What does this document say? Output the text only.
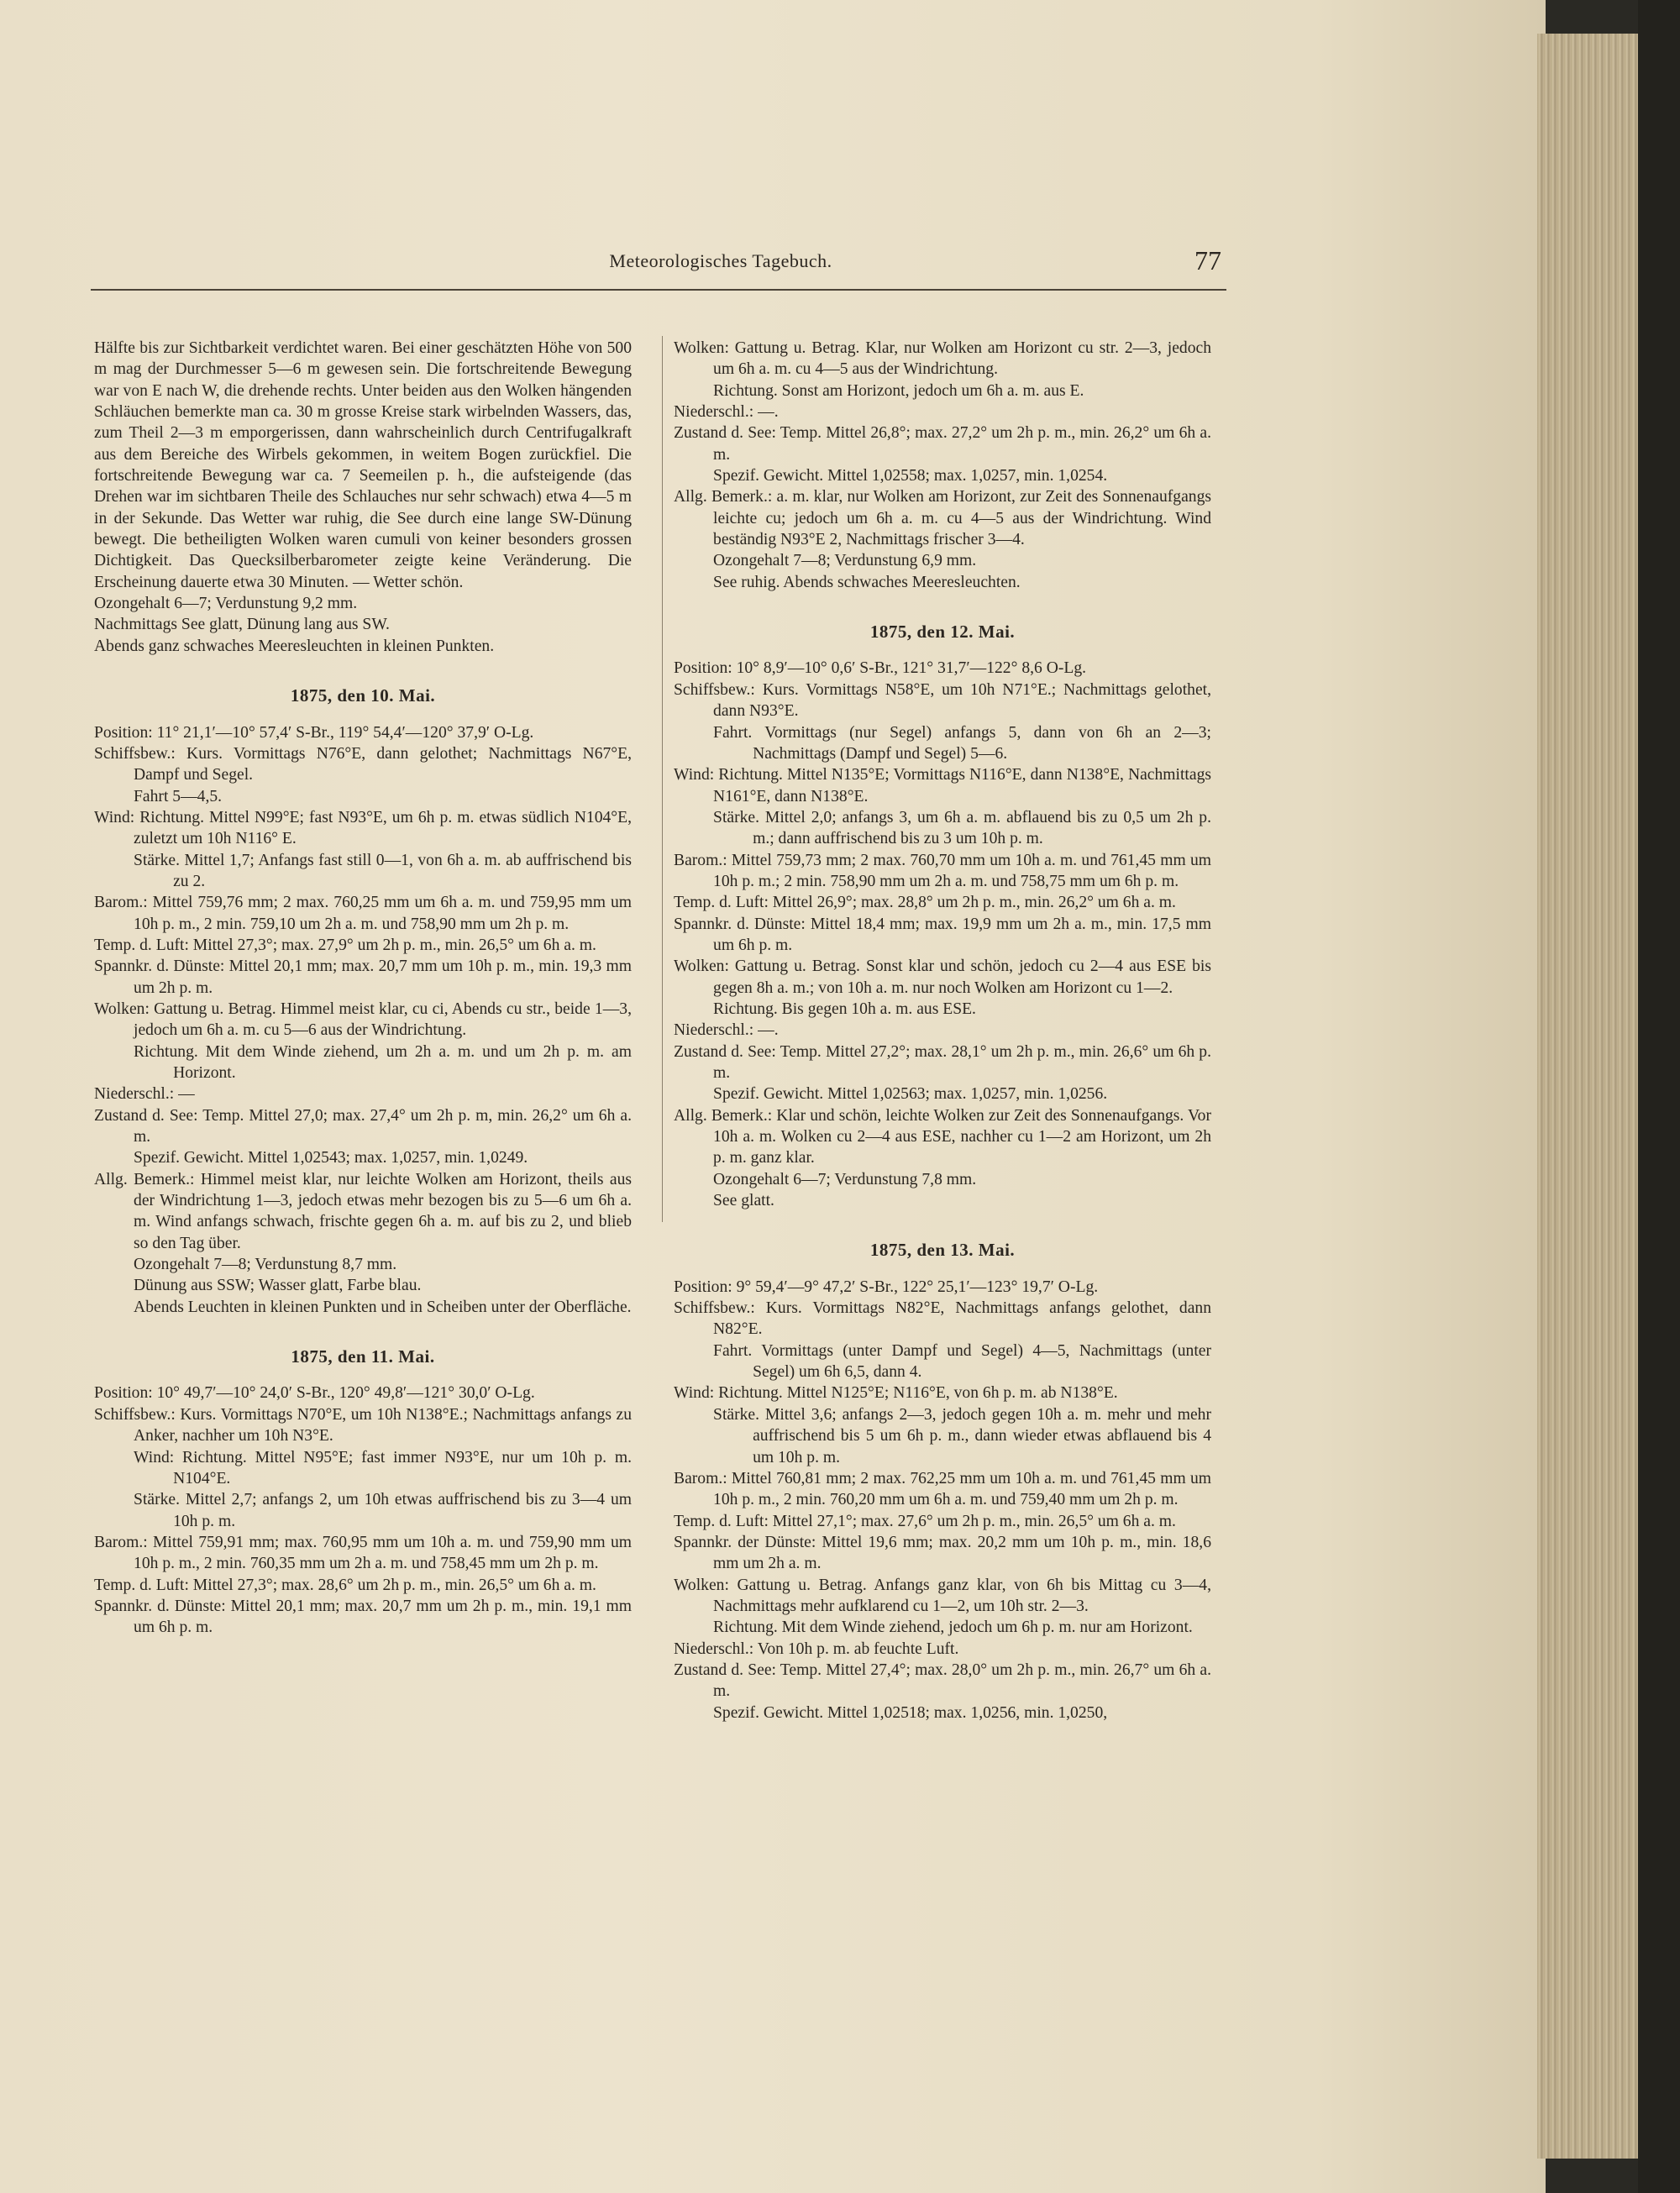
Meteorologisches Tagebuch.	77

Hälfte bis zur Sichtbarkeit verdichtet waren. Bei einer geschätzten Höhe von 500 m mag der Durchmesser 5—6 m gewesen sein. Die fortschreitende Bewegung war von E nach W, die drehende rechts. Unter beiden aus den Wolken hängenden Schläuchen bemerkte man ca. 30 m grosse Kreise stark wirbelnden Wassers, das, zum Theil 2—3 m emporgerissen, dann wahrscheinlich durch Centrifugalkraft aus dem Bereiche des Wirbels gekommen, in weitem Bogen zurückfiel. Die fortschreitende Bewegung war ca. 7 Seemeilen p. h., die aufsteigende (das Drehen war im sichtbaren Theile des Schlauches nur sehr schwach) etwa 4—5 m in der Sekunde. Das Wetter war ruhig, die See durch eine lange SW-Dünung bewegt. Die betheiligten Wolken waren cumuli von keiner besonders grossen Dichtigkeit. Das Quecksilberbarometer zeigte keine Veränderung. Die Erscheinung dauerte etwa 30 Minuten. — Wetter schön.

Ozongehalt 6—7; Verdunstung 9,2 mm.

Nachmittags See glatt, Dünung lang aus SW.

Abends ganz schwaches Meeresleuchten in kleinen Punkten.

1875, den 10. Mai.

Position: 11° 21,1′—10° 57,4′ S-Br., 119° 54,4′—120° 37,9′ O-Lg.

Schiffsbew.: Kurs. Vormittags N76°E, dann gelothet; Nachmittags N67°E, Dampf und Segel.

Fahrt 5—4,5.

Wind: Richtung. Mittel N99°E; fast N93°E, um 6h p. m. etwas südlich N104°E, zuletzt um 10h N116° E.

Stärke. Mittel 1,7; Anfangs fast still 0—1, von 6h a. m. ab auffrischend bis zu 2.

Barom.: Mittel 759,76 mm; 2 max. 760,25 mm um 6h a. m. und 759,95 mm um 10h p. m., 2 min. 759,10 um 2h a. m. und 758,90 mm um 2h p. m.

Temp. d. Luft: Mittel 27,3°; max. 27,9° um 2h p. m., min. 26,5° um 6h a. m.

Spannkr. d. Dünste: Mittel 20,1 mm; max. 20,7 mm um 10h p. m., min. 19,3 mm um 2h p. m.

Wolken: Gattung u. Betrag. Himmel meist klar, cu ci, Abends cu str., beide 1—3, jedoch um 6h a. m. cu 5—6 aus der Windrichtung.

Richtung. Mit dem Winde ziehend, um 2h a. m. und um 2h p. m. am Horizont.

Niederschl.: —

Zustand d. See: Temp. Mittel 27,0; max. 27,4° um 2h p. m, min. 26,2° um 6h a. m.

Spezif. Gewicht. Mittel 1,02543; max. 1,0257, min. 1,0249.

Allg. Bemerk.: Himmel meist klar, nur leichte Wolken am Horizont, theils aus der Windrichtung 1—3, jedoch etwas mehr bezogen bis zu 5—6 um 6h a. m. Wind anfangs schwach, frischte gegen 6h a. m. auf bis zu 2, und blieb so den Tag über.

Ozongehalt 7—8; Verdunstung 8,7 mm.

Dünung aus SSW; Wasser glatt, Farbe blau.

Abends Leuchten in kleinen Punkten und in Scheiben unter der Oberfläche.

1875, den 11. Mai.

Position: 10° 49,7′—10° 24,0′ S-Br., 120° 49,8′—121° 30,0′ O-Lg.

Schiffsbew.: Kurs. Vormittags N70°E, um 10h N138°E.; Nachmittags anfangs zu Anker, nachher um 10h N3°E.

Wind: Richtung. Mittel N95°E; fast immer N93°E, nur um 10h p. m. N104°E.

Stärke. Mittel 2,7; anfangs 2, um 10h etwas auffrischend bis zu 3—4 um 10h p. m.

Barom.: Mittel 759,91 mm; max. 760,95 mm um 10h a. m. und 759,90 mm um 10h p. m., 2 min. 760,35 mm um 2h a. m. und 758,45 mm um 2h p. m.

Temp. d. Luft: Mittel 27,3°; max. 28,6° um 2h p. m., min. 26,5° um 6h a. m.

Spannkr. d. Dünste: Mittel 20,1 mm; max. 20,7 mm um 2h p. m., min. 19,1 mm um 6h p. m.

Wolken: Gattung u. Betrag. Klar, nur Wolken am Horizont cu str. 2—3, jedoch um 6h a. m. cu 4—5 aus der Windrichtung.

Richtung. Sonst am Horizont, jedoch um 6h a. m. aus E.

Niederschl.: —.

Zustand d. See: Temp. Mittel 26,8°; max. 27,2° um 2h p. m., min. 26,2° um 6h a. m.

Spezif. Gewicht. Mittel 1,02558; max. 1,0257, min. 1,0254.

Allg. Bemerk.: a. m. klar, nur Wolken am Horizont, zur Zeit des Sonnenaufgangs leichte cu; jedoch um 6h a. m. cu 4—5 aus der Windrichtung. Wind beständig N93°E 2, Nachmittags frischer 3—4.

Ozongehalt 7—8; Verdunstung 6,9 mm.

See ruhig. Abends schwaches Meeresleuchten.

1875, den 12. Mai.

Position: 10° 8,9′—10° 0,6′ S-Br., 121° 31,7′—122° 8,6 O-Lg.

Schiffsbew.: Kurs. Vormittags N58°E, um 10h N71°E.; Nachmittags gelothet, dann N93°E.

Fahrt. Vormittags (nur Segel) anfangs 5, dann von 6h an 2—3; Nachmittags (Dampf und Segel) 5—6.

Wind: Richtung. Mittel N135°E; Vormittags N116°E, dann N138°E, Nachmittags N161°E, dann N138°E.

Stärke. Mittel 2,0; anfangs 3, um 6h a. m. abflauend bis zu 0,5 um 2h p. m.; dann auffrischend bis zu 3 um 10h p. m.

Barom.: Mittel 759,73 mm; 2 max. 760,70 mm um 10h a. m. und 761,45 mm um 10h p. m.; 2 min. 758,90 mm um 2h a. m. und 758,75 mm um 6h p. m.

Temp. d. Luft: Mittel 26,9°; max. 28,8° um 2h p. m., min. 26,2° um 6h a. m.

Spannkr. d. Dünste: Mittel 18,4 mm; max. 19,9 mm um 2h a. m., min. 17,5 mm um 6h p. m.

Wolken: Gattung u. Betrag. Sonst klar und schön, jedoch cu 2—4 aus ESE bis gegen 8h a. m.; von 10h a. m. nur noch Wolken am Horizont cu 1—2.

Richtung. Bis gegen 10h a. m. aus ESE.

Niederschl.: —.

Zustand d. See: Temp. Mittel 27,2°; max. 28,1° um 2h p. m., min. 26,6° um 6h p. m.

Spezif. Gewicht. Mittel 1,02563; max. 1,0257, min. 1,0256.

Allg. Bemerk.: Klar und schön, leichte Wolken zur Zeit des Sonnenaufgangs. Vor 10h a. m. Wolken cu 2—4 aus ESE, nachher cu 1—2 am Horizont, um 2h p. m. ganz klar.

Ozongehalt 6—7; Verdunstung 7,8 mm.

See glatt.

1875, den 13. Mai.

Position: 9° 59,4′—9° 47,2′ S-Br., 122° 25,1′—123° 19,7′ O-Lg.

Schiffsbew.: Kurs. Vormittags N82°E, Nachmittags anfangs gelothet, dann N82°E.

Fahrt. Vormittags (unter Dampf und Segel) 4—5, Nachmittags (unter Segel) um 6h 6,5, dann 4.

Wind: Richtung. Mittel N125°E; N116°E, von 6h p. m. ab N138°E.

Stärke. Mittel 3,6; anfangs 2—3, jedoch gegen 10h a. m. mehr und mehr auffrischend bis 5 um 6h p. m., dann wieder etwas abflauend bis 4 um 10h p. m.

Barom.: Mittel 760,81 mm; 2 max. 762,25 mm um 10h a. m. und 761,45 mm um 10h p. m., 2 min. 760,20 mm um 6h a. m. und 759,40 mm um 2h p. m.

Temp. d. Luft: Mittel 27,1°; max. 27,6° um 2h p. m., min. 26,5° um 6h a. m.

Spannkr. der Dünste: Mittel 19,6 mm; max. 20,2 mm um 10h p. m., min. 18,6 mm um 2h a. m.

Wolken: Gattung u. Betrag. Anfangs ganz klar, von 6h bis Mittag cu 3—4, Nachmittags mehr aufklarend cu 1—2, um 10h str. 2—3.

Richtung. Mit dem Winde ziehend, jedoch um 6h p. m. nur am Horizont.

Niederschl.: Von 10h p. m. ab feuchte Luft.

Zustand d. See: Temp. Mittel 27,4°; max. 28,0° um 2h p. m., min. 26,7° um 6h a. m.

Spezif. Gewicht. Mittel 1,02518; max. 1,0256, min. 1,0250,
